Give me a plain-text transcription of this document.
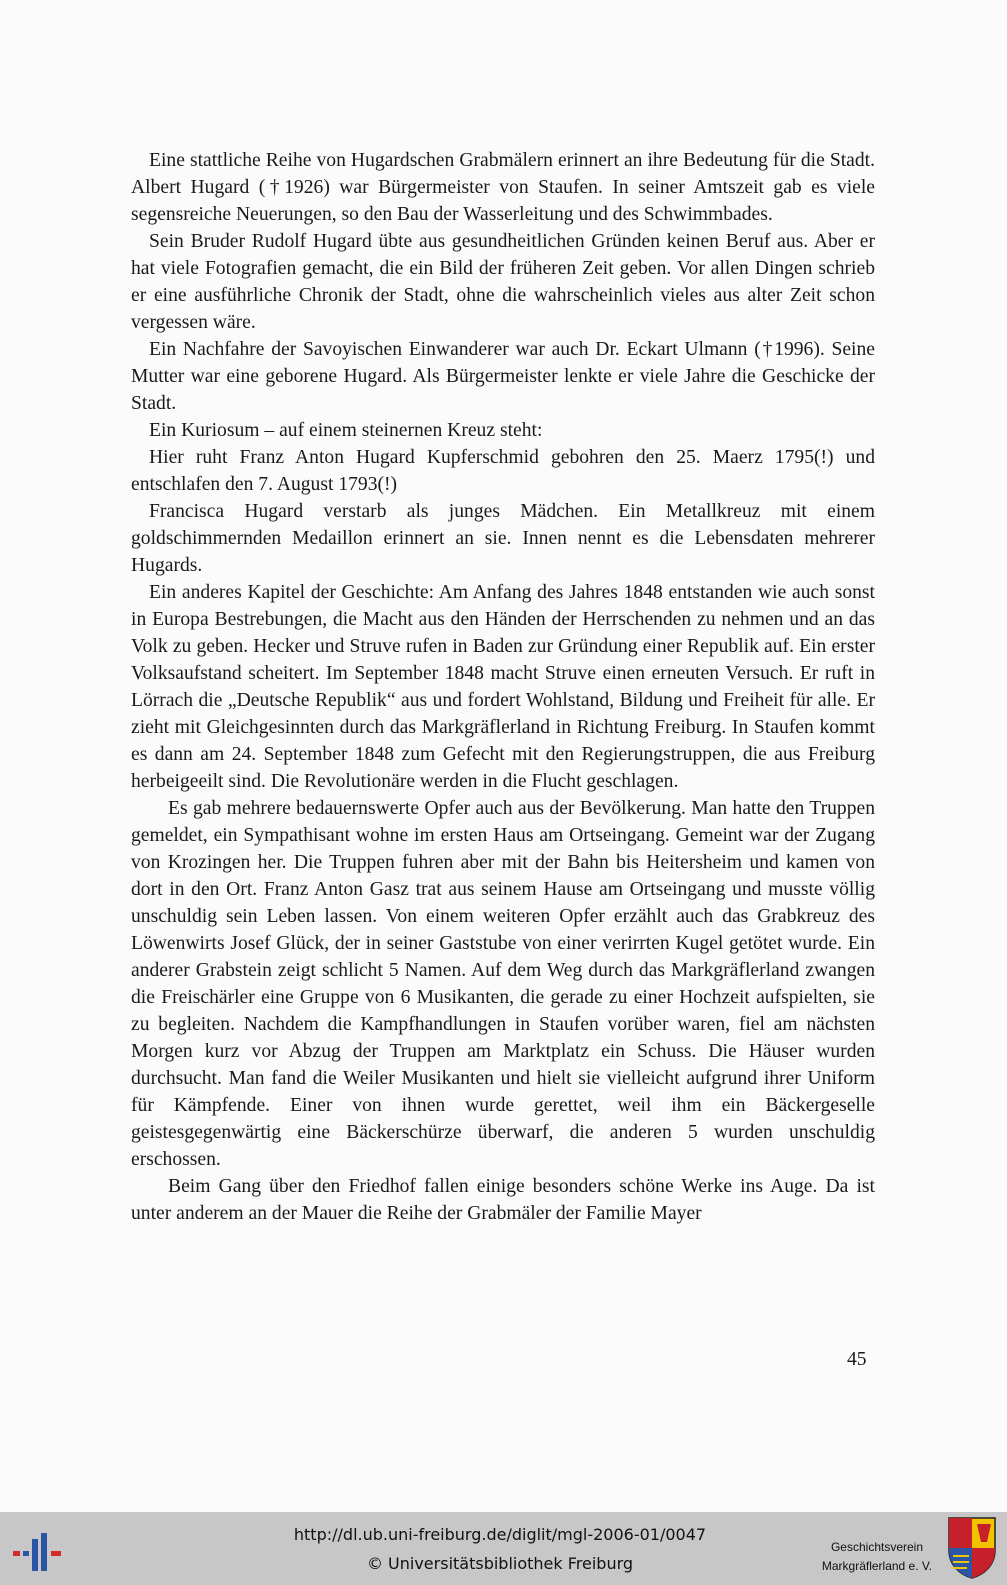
Eine stattliche Reihe von Hugardschen Grabmälern erinnert an ihre Bedeutung für die Stadt. Albert Hugard (†1926) war Bürgermeister von Staufen. In seiner Amtszeit gab es viele segensreiche Neuerungen, so den Bau der Wasserleitung und des Schwimmbades.

Sein Bruder Rudolf Hugard übte aus gesundheitlichen Gründen keinen Beruf aus. Aber er hat viele Fotografien gemacht, die ein Bild der früheren Zeit geben. Vor allen Dingen schrieb er eine ausführliche Chronik der Stadt, ohne die wahrscheinlich vieles aus alter Zeit schon vergessen wäre.

Ein Nachfahre der Savoyischen Einwanderer war auch Dr. Eckart Ulmann (†1996). Seine Mutter war eine geborene Hugard. Als Bürgermeister lenkte er viele Jahre die Geschicke der Stadt.

Ein Kuriosum – auf einem steinernen Kreuz steht:

Hier ruht Franz Anton Hugard Kupferschmid gebohren den 25. Maerz 1795(!) und entschlafen den 7. August 1793(!)

Francisca Hugard verstarb als junges Mädchen. Ein Metallkreuz mit einem goldschimmernden Medaillon erinnert an sie. Innen nennt es die Lebensdaten mehrerer Hugards.

Ein anderes Kapitel der Geschichte: Am Anfang des Jahres 1848 entstanden wie auch sonst in Europa Bestrebungen, die Macht aus den Händen der Herrschenden zu nehmen und an das Volk zu geben. Hecker und Struve rufen in Baden zur Gründung einer Republik auf. Ein erster Volksaufstand scheitert. Im September 1848 macht Struve einen erneuten Versuch. Er ruft in Lörrach die „Deutsche Republik“ aus und fordert Wohlstand, Bildung und Freiheit für alle. Er zieht mit Gleichgesinnten durch das Markgräflerland in Richtung Freiburg. In Staufen kommt es dann am 24. September 1848 zum Gefecht mit den Regierungstruppen, die aus Freiburg herbeigeeilt sind. Die Revolutionäre werden in die Flucht geschlagen.

Es gab mehrere bedauernswerte Opfer auch aus der Bevölkerung. Man hatte den Truppen gemeldet, ein Sympathisant wohne im ersten Haus am Ortseingang. Gemeint war der Zugang von Krozingen her. Die Truppen fuhren aber mit der Bahn bis Heitersheim und kamen von dort in den Ort. Franz Anton Gasz trat aus seinem Hause am Ortseingang und musste völlig unschuldig sein Leben lassen. Von einem weiteren Opfer erzählt auch das Grabkreuz des Löwenwirts Josef Glück, der in seiner Gaststube von einer verirrten Kugel getötet wurde. Ein anderer Grabstein zeigt schlicht 5 Namen. Auf dem Weg durch das Markgräflerland zwangen die Freischärler eine Gruppe von 6 Musikanten, die gerade zu einer Hochzeit aufspielten, sie zu begleiten. Nachdem die Kampfhandlungen in Staufen vorüber waren, fiel am nächsten Morgen kurz vor Abzug der Truppen am Marktplatz ein Schuss. Die Häuser wurden durchsucht. Man fand die Weiler Musikanten und hielt sie vielleicht aufgrund ihrer Uniform für Kämpfende. Einer von ihnen wurde gerettet, weil ihm ein Bäckergeselle geistesgegenwärtig eine Bäckerschürze überwarf, die anderen 5 wurden unschuldig erschossen.

Beim Gang über den Friedhof fallen einige besonders schöne Werke ins Auge. Da ist unter anderem an der Mauer die Reihe der Grabmäler der Familie Mayer

45
http://dl.ub.uni-freiburg.de/diglit/mgl-2006-01/0047
© Universitätsbibliothek Freiburg
Geschichtsverein
Markgräflerland e. V.
